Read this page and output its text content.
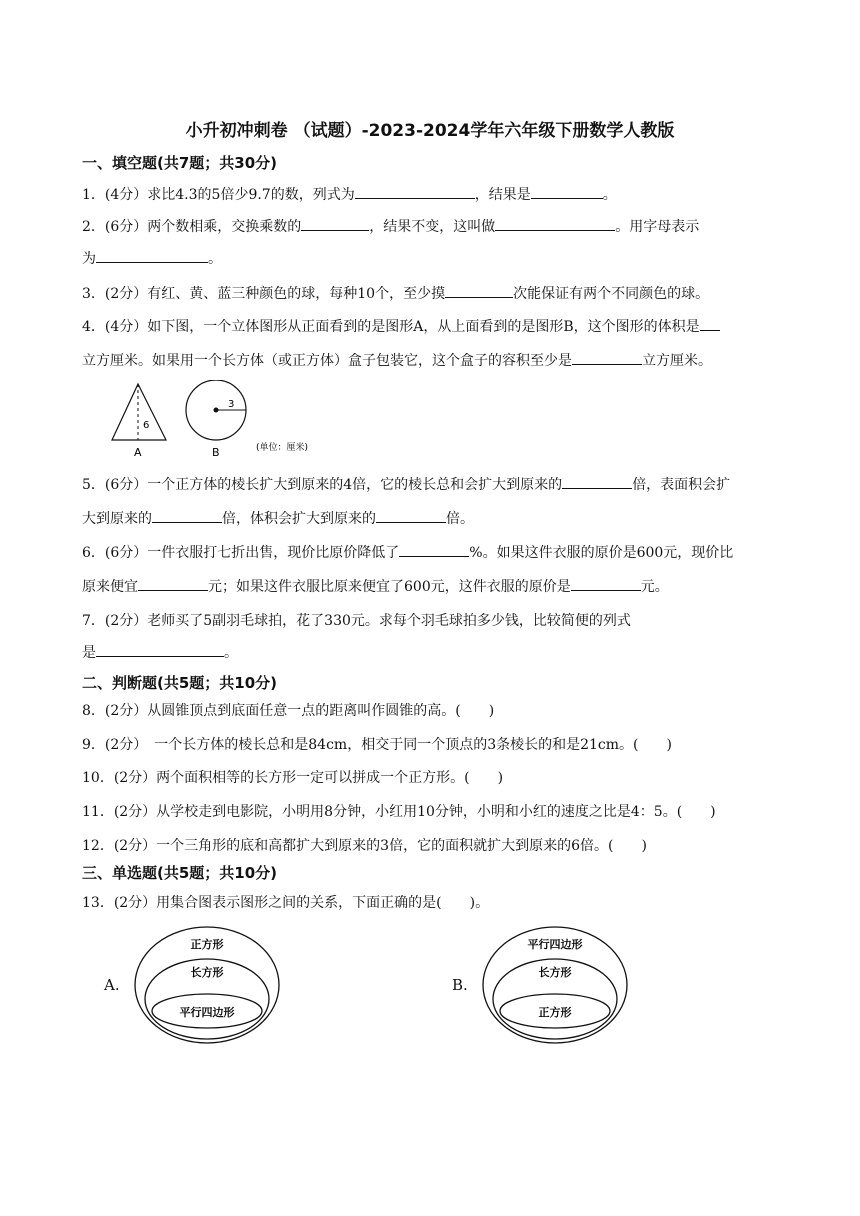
小升初冲刺卷 （试题）-2023-2024学年六年级下册数学人教版
一、填空题(共7题；共30分)
1．(4分）求比4.3的5倍少9.7的数，列式为	，结果是	。
2．(6分）两个数相乘，交换乘数的	，结果不变，这叫做	。用字母表示
为	。
3．(2分）有红、黄、蓝三种颜色的球，每种10个，至少摸	次能保证有两个不同颜色的球。
4．(4分）如下图，一个立体图形从正面看到的是图形A，从上面看到的是图形B，这个图形的体积是
立方厘米。如果用一个长方体（或正方体）盒子包装它，这个盒子的容积至少是	立方厘米。
6
3
A	B	(单位：厘米)
5．(6分）一个正方体的棱长扩大到原来的4倍，它的棱长总和会扩大到原来的	倍，表面积会扩
大到原来的	倍，体积会扩大到原来的	倍。
6．(6分）一件衣服打七折出售，现价比原价降低了	%。如果这件衣服的原价是600元，现价比
原来便宜	元；如果这件衣服比原来便宜了600元，这件衣服的原价是	元。
7．(2分）老师买了5副羽毛球拍，花了330元。求每个羽毛球拍多少钱，比较简便的列式
是	。
二、判断题(共5题；共10分)
8．(2分）从圆锥顶点到底面任意一点的距离叫作圆锥的高。(　　)
9．(2分）　一个长方体的棱长总和是84cm，相交于同一个顶点的3条棱长的和是21cm。(　　)
10．(2分）两个面积相等的长方形一定可以拼成一个正方形。(　　)
11．(2分）从学校走到电影院，小明用8分钟，小红用10分钟，小明和小红的速度之比是4：5。(　　)
12．(2分）一个三角形的底和高都扩大到原来的3倍，它的面积就扩大到原来的6倍。(　　)
三、单选题(共5题；共10分)
13．(2分）用集合图表示图形之间的关系，下面正确的是(　　)。
A.
正方形
长方形
平行四边形
B.
平行四边形
长方形
正方形
